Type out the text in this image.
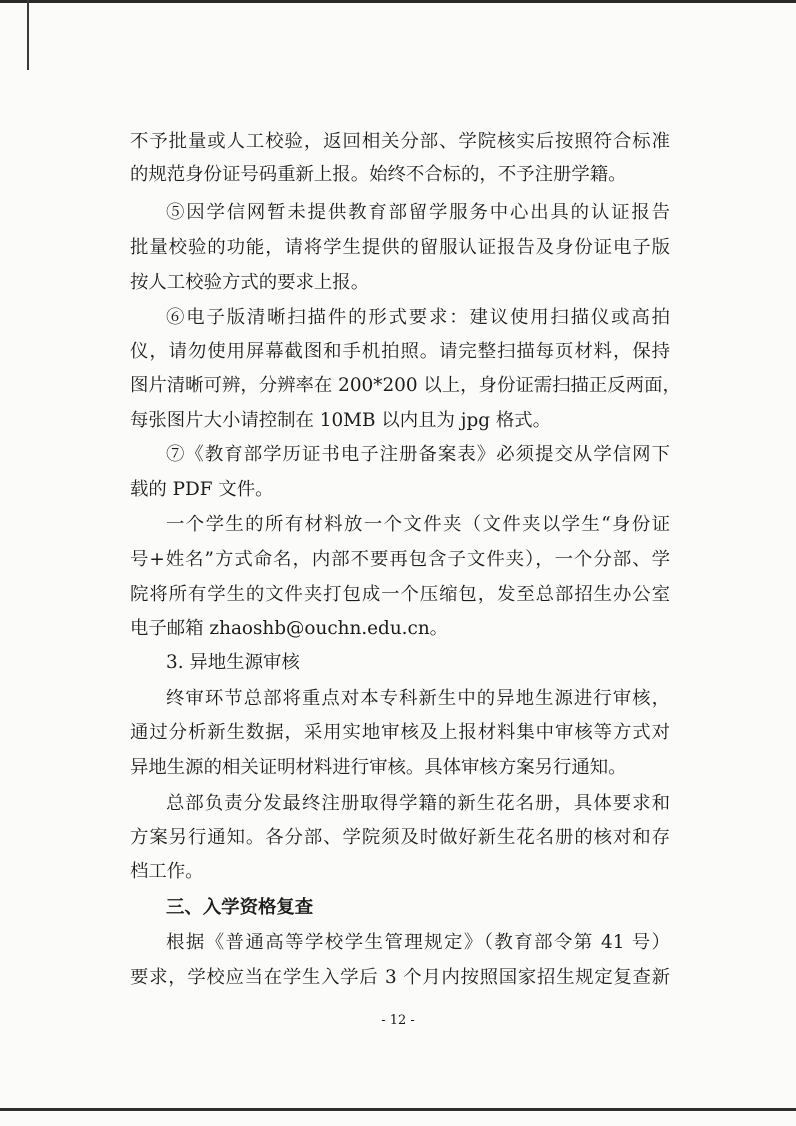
不予批量或人工校验，返回相关分部、学院核实后按照符合标准
的规范身份证号码重新上报。始终不合标的，不予注册学籍。
⑤因学信网暂未提供教育部留学服务中心出具的认证报告
批量校验的功能，请将学生提供的留服认证报告及身份证电子版
按人工校验方式的要求上报。
⑥电子版清晰扫描件的形式要求：建议使用扫描仪或高拍
仪，请勿使用屏幕截图和手机拍照。请完整扫描每页材料，保持
图片清晰可辨，分辨率在 200*200 以上，身份证需扫描正反两面，
每张图片大小请控制在 10MB 以内且为 jpg 格式。
⑦《教育部学历证书电子注册备案表》必须提交从学信网下
载的 PDF 文件。
一个学生的所有材料放一个文件夹（文件夹以学生“身份证
号+姓名”方式命名，内部不要再包含子文件夹），一个分部、学
院将所有学生的文件夹打包成一个压缩包，发至总部招生办公室
电子邮箱 zhaoshb@ouchn.edu.cn。
3. 异地生源审核
终审环节总部将重点对本专科新生中的异地生源进行审核，
通过分析新生数据，采用实地审核及上报材料集中审核等方式对
异地生源的相关证明材料进行审核。具体审核方案另行通知。
总部负责分发最终注册取得学籍的新生花名册，具体要求和
方案另行通知。各分部、学院须及时做好新生花名册的核对和存
档工作。
三、入学资格复查
根据《普通高等学校学生管理规定》（教育部令第 41 号）
要求，学校应当在学生入学后 3 个月内按照国家招生规定复查新
- 12 -
